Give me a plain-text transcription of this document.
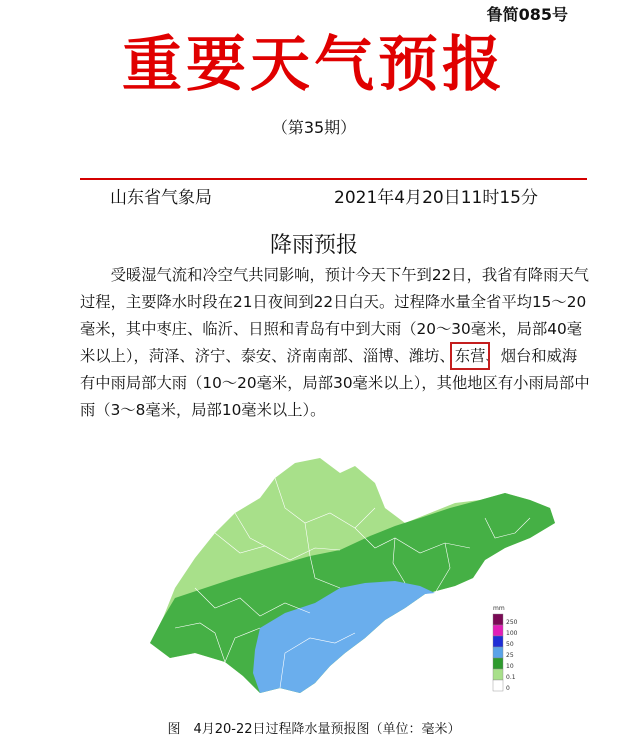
鲁简085号
重要天气预报
（第35期）
山东省气象局	2021年4月20日11时15分
降雨预报

受暖湿气流和冷空气共同影响，预计今天下午到22日，我省有降雨天气过程，主要降水时段在21日夜间到22日白天。过程降水量全省平均15～20毫米，其中枣庄、临沂、日照和青岛有中到大雨（20～30毫米，局部40毫米以上），菏泽、济宁、泰安、济南南部、淄博、潍坊、东营、烟台和威海有中雨局部大雨（10～20毫米，局部30毫米以上），其他地区有小雨局部中雨（3～8毫米，局部10毫米以上）。

mm
250
100
50
25
10
0.1
0
图　4月20-22日过程降水量预报图（单位：毫米）
